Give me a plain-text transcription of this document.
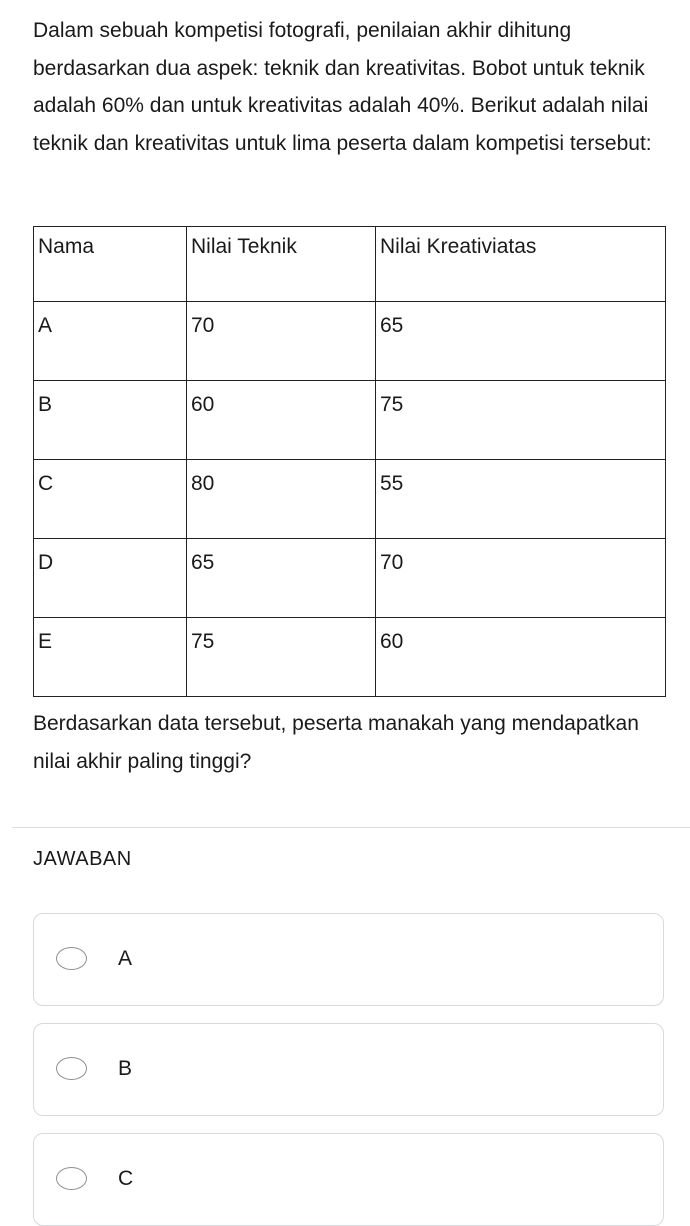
Dalam sebuah kompetisi fotografi, penilaian akhir dihitung berdasarkan dua aspek: teknik dan kreativitas. Bobot untuk teknik adalah 60% dan untuk kreativitas adalah 40%. Berikut adalah nilai teknik dan kreativitas untuk lima peserta dalam kompetisi tersebut:

Nama	Nilai Teknik	Nilai Kreativiatas
A	70	65
B	60	75
C	80	55
D	65	70
E	75	60

Berdasarkan data tersebut, peserta manakah yang mendapatkan nilai akhir paling tinggi?

JAWABAN
A
B
C
